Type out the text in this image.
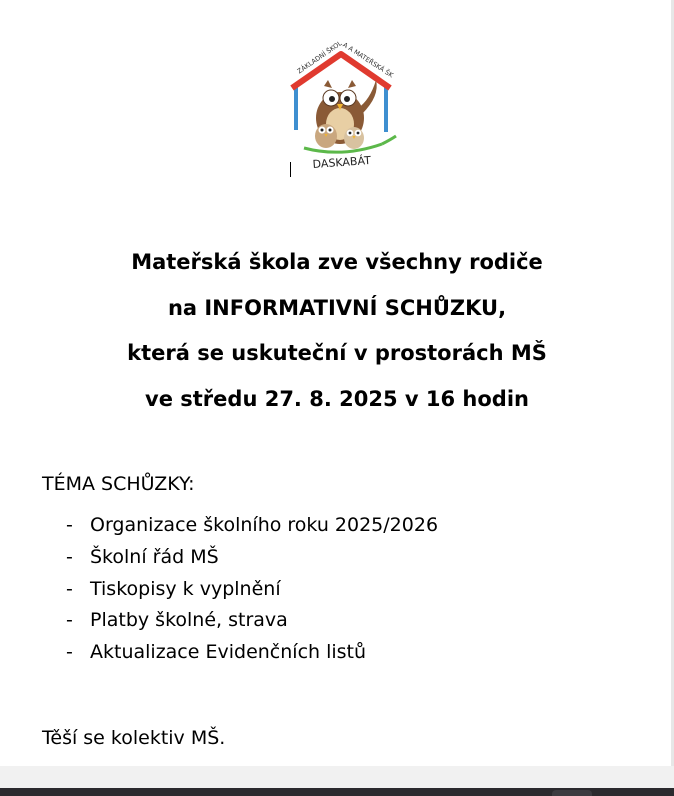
ZÁKLADNÍ ŠKOLA A MATEŘSKÁ ŠK
DASKABÁT
Mateřská škola zve všechny rodiče
na INFORMATIVNÍ SCHŮZKU,
která se uskuteční v prostorách MŠ
ve středu 27. 8. 2025 v 16 hodin
TÉMA SCHŮZKY:
- Organizace školního roku 2025/2026
- Školní řád MŠ
- Tiskopisy k vyplnění
- Platby školné, strava
- Aktualizace Evidenčních listů
Těší se kolektiv MŠ.
